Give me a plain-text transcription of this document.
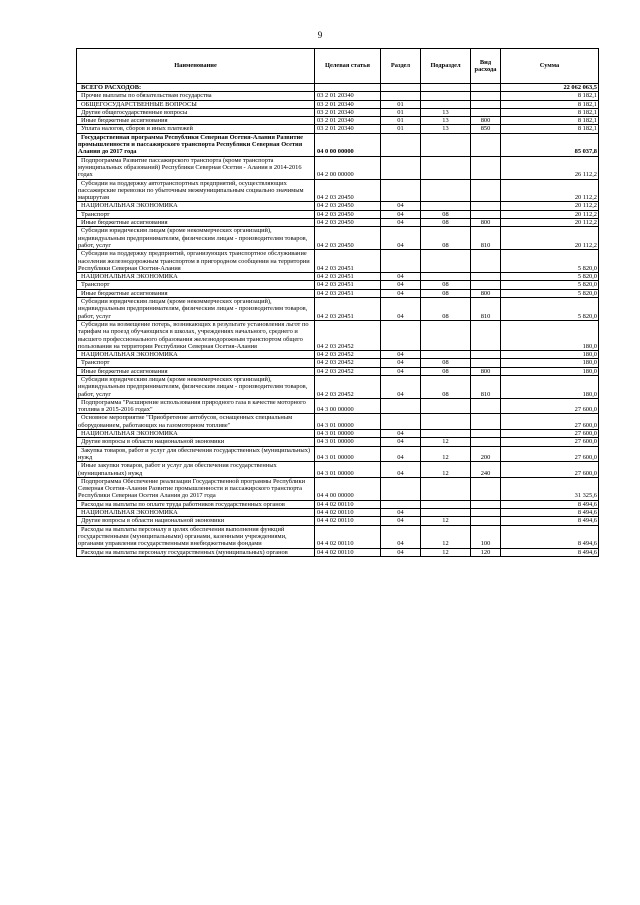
9
Наименование	Целевая статья	Раздел	Подраздел	Вид расхода	Сумма
ВСЕГО РАСХОДОВ:					22 062 063,5
Прочие выплаты по обязательствам государства	03 2 01 20340				8 182,1
ОБЩЕГОСУДАРСТВЕННЫЕ ВОПРОСЫ	03 2 01 20340	01			8 182,1
Другие общегосударственные вопросы	03 2 01 20340	01	13		8 182,1
Иные бюджетные ассигнования	03 2 01 20340	01	13	800	8 182,1
Уплата налогов, сборов и иных платежей	03 2 01 20340	01	13	850	8 182,1
Государственная программа Республики Северная Осетия-Алания Развитие промышленности и пассажирского транспорта Республики Северная Осетия Алания до 2017 года	04 0 00 00000				85 037,8
Подпрограмма Развитие пассажирского транспорта (кроме транспорта муниципальных образований) Республики Северная Осетия - Алания в 2014-2016 годах	04 2 00 00000				26 112,2
Субсидии на поддержку автотранспортных предприятий, осуществляющих пассажирские перевозки по убыточным межмуниципальным социально значимым маршрутам	04 2 03 20450				20 112,2
НАЦИОНАЛЬНАЯ ЭКОНОМИКА	04 2 03 20450	04			20 112,2
Транспорт	04 2 03 20450	04	08		20 112,2
Иные бюджетные ассигнования	04 2 03 20450	04	08	800	20 112,2
Субсидии юридическим лицам (кроме некоммерческих организаций), индивидуальным предпринимателям, физическим лицам - производителям товаров, работ, услуг	04 2 03 20450	04	08	810	20 112,2
Субсидии на поддержку предприятий, организующих транспортное обслуживание населения железнодорожным транспортом в пригородном сообщении на территории Республики Северная Осетия-Алания	04 2 03 20451				5 820,0
НАЦИОНАЛЬНАЯ ЭКОНОМИКА	04 2 03 20451	04			5 820,0
Транспорт	04 2 03 20451	04	08		5 820,0
Иные бюджетные ассигнования	04 2 03 20451	04	08	800	5 820,0
Субсидии юридическим лицам (кроме некоммерческих организаций), индивидуальным предпринимателям, физическим лицам - производителям товаров, работ, услуг	04 2 03 20451	04	08	810	5 820,0
Субсидии на возмещение потерь, возникающих в результате установления льгот по тарифам на проезд обучающихся в школах, учреждениях начального, среднего и высшего профессионального образования железнодорожным транспортом общего пользования на территории Республики Северная Осетия-Алания	04 2 03 20452				180,0
НАЦИОНАЛЬНАЯ ЭКОНОМИКА	04 2 03 20452	04			180,0
Транспорт	04 2 03 20452	04	08		180,0
Иные бюджетные ассигнования	04 2 03 20452	04	08	800	180,0
Субсидии юридическим лицам (кроме некоммерческих организаций), индивидуальным предпринимателям, физическим лицам - производителям товаров, работ, услуг	04 2 03 20452	04	08	810	180,0
Подпрограмма "Расширение использования природного газа в качестве моторного топлива в 2015-2016 годах"	04 3 00 00000				27 600,0
Основное мероприятие "Приобретение автобусов, оснащенных специальным оборудованием, работающих на газомоторном топливе"	04 3 01 00000				27 600,0
НАЦИОНАЛЬНАЯ ЭКОНОМИКА	04 3 01 00000	04			27 600,0
Другие вопросы в области национальной экономики	04 3 01 00000	04	12		27 600,0
Закупка товаров, работ и услуг для обеспечения государственных (муниципальных) нужд	04 3 01 00000	04	12	200	27 600,0
Иные закупки товаров, работ и услуг для обеспечения государственных (муниципальных) нужд	04 3 01 00000	04	12	240	27 600,0
Подпрограмма Обеспечение реализации Государственной программы Республики Северная Осетия-Алания Развитие промышленности и пассажирского транспорта Республики Северная Осетия Алания до 2017 года	04 4 00 00000				31 325,6
Расходы на выплаты по оплате труда работников государственных органов	04 4 02 00110				8 494,6
НАЦИОНАЛЬНАЯ ЭКОНОМИКА	04 4 02 00110	04			8 494,6
Другие вопросы в области национальной экономики	04 4 02 00110	04	12		8 494,6
Расходы на выплаты персоналу в целях обеспечения выполнения функций государственными (муниципальными) органами, казенными учреждениями, органами управления государственными внебюджетными фондами	04 4 02 00110	04	12	100	8 494,6
Расходы на выплаты персоналу государственных (муниципальных) органов	04 4 02 00110	04	12	120	8 494,6
